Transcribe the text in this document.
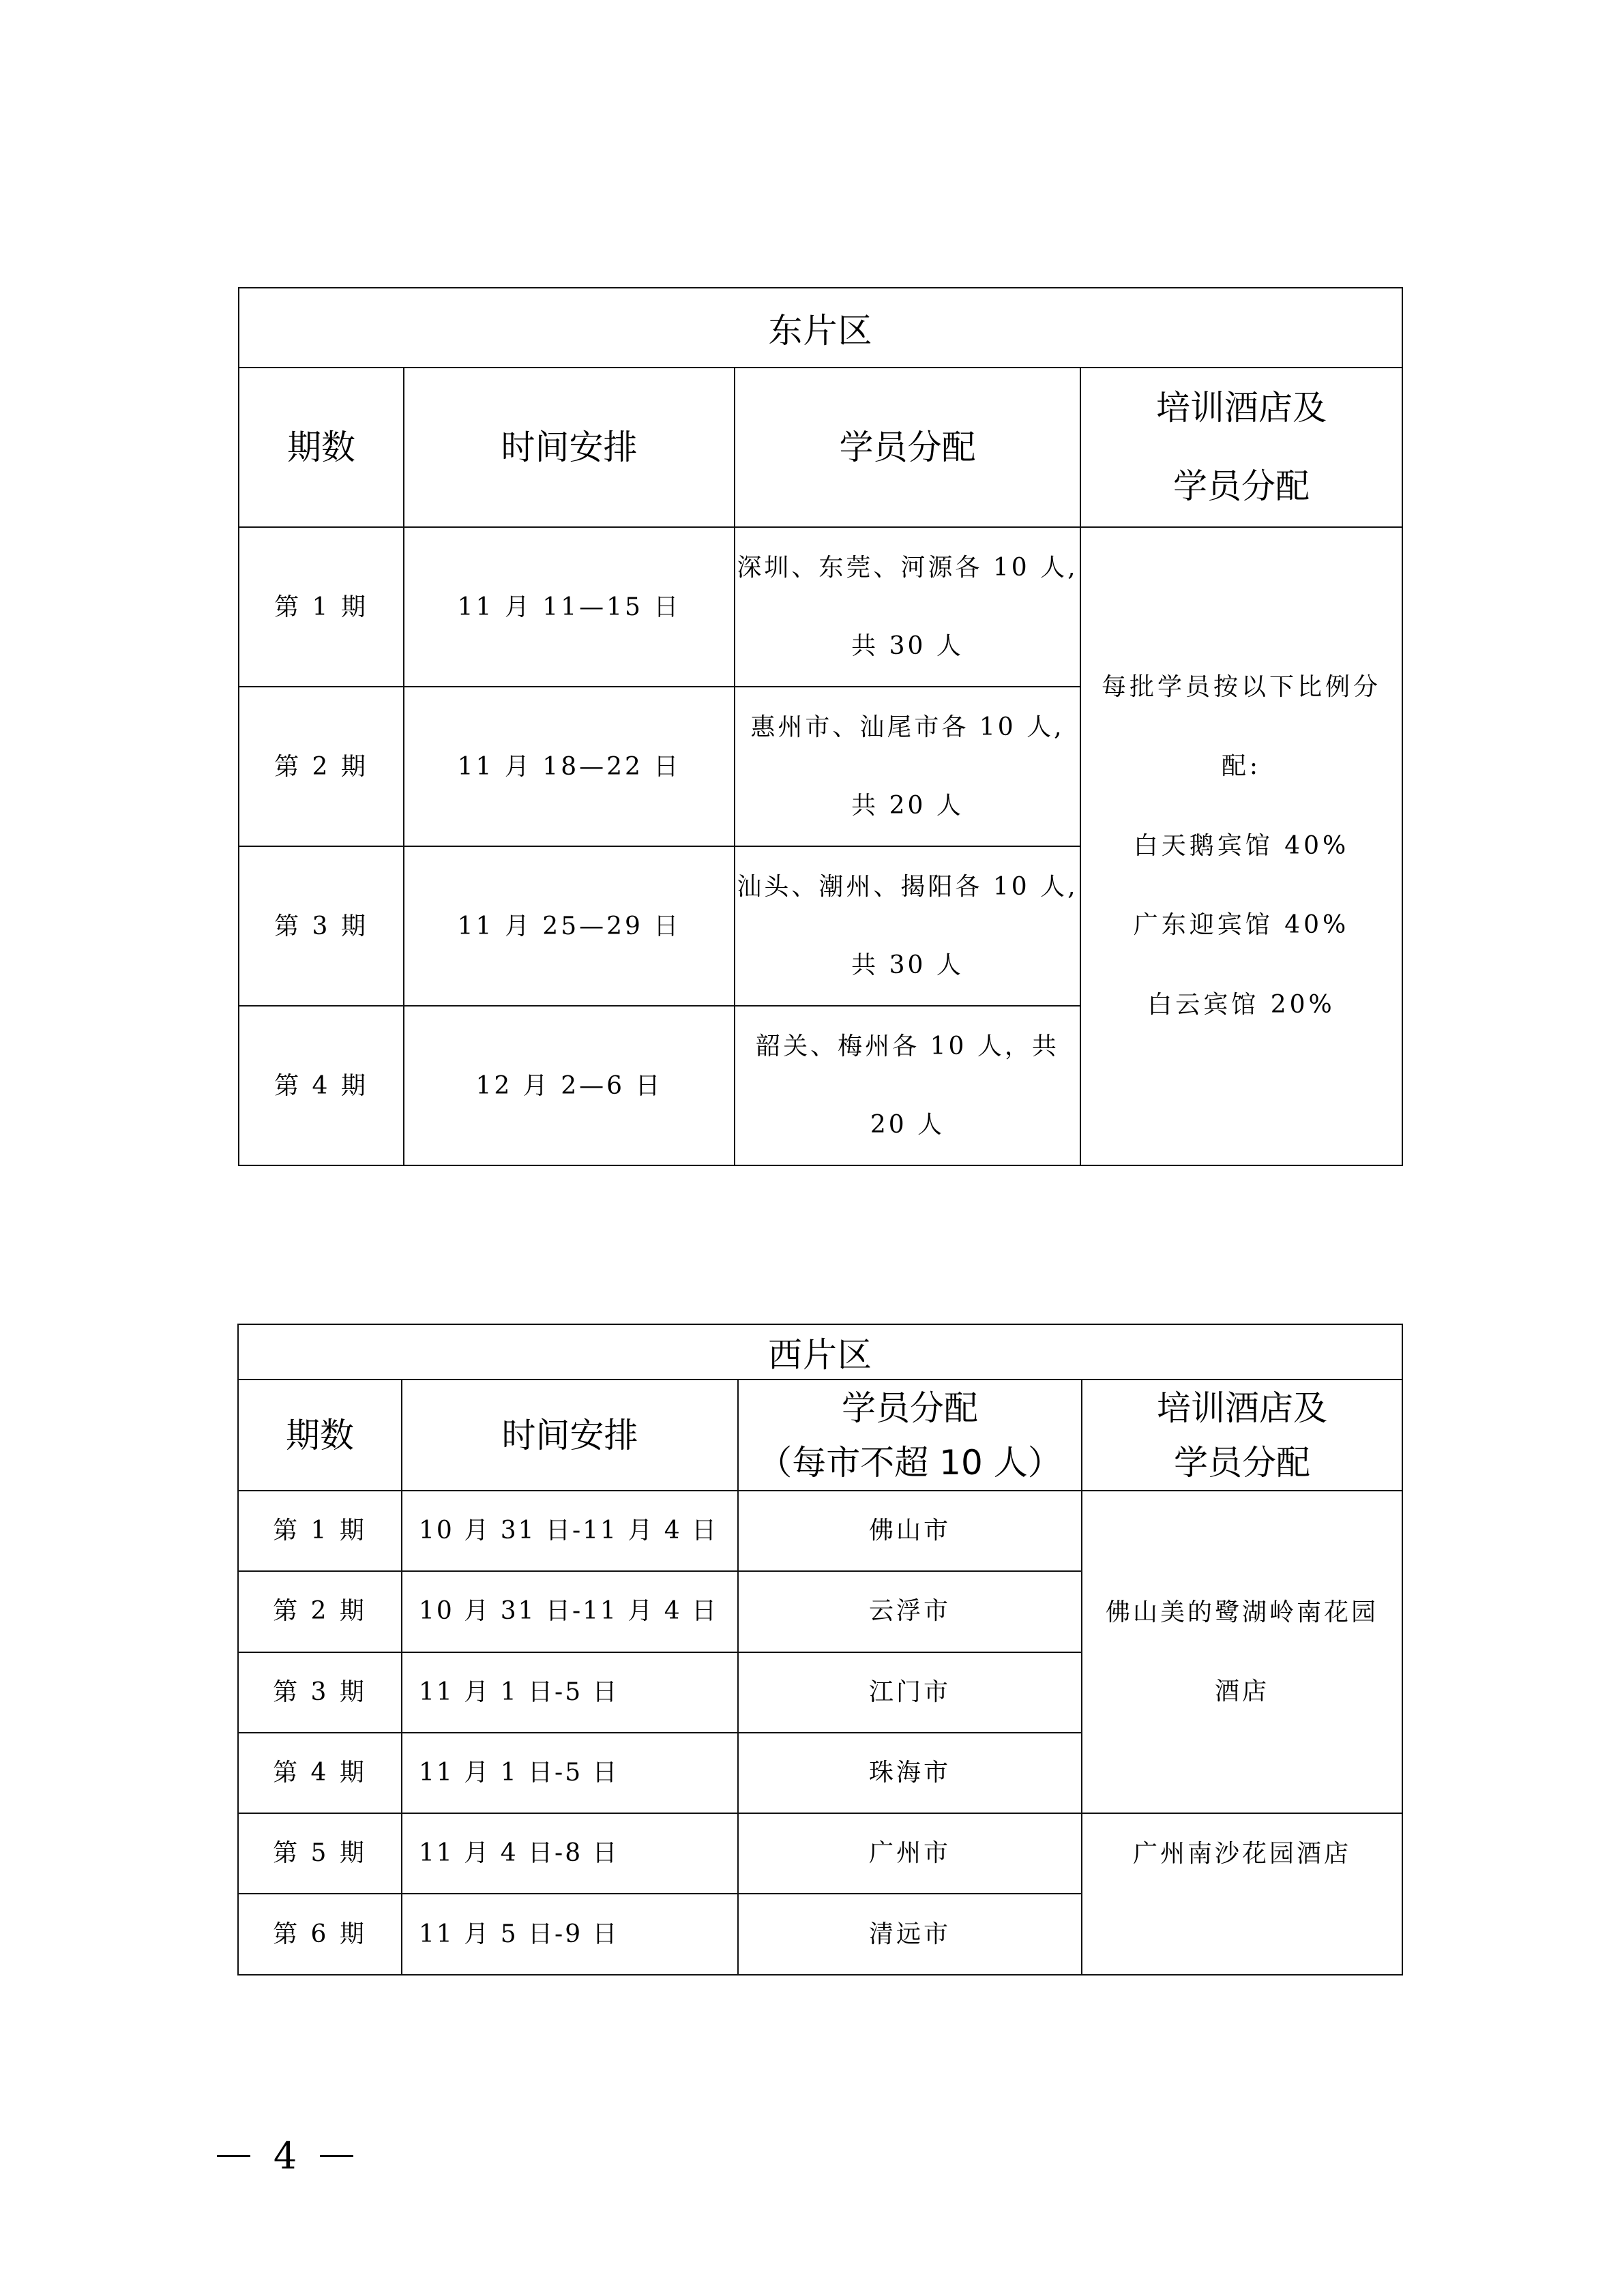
东片区			

期数	时间安排	学员分配	培训酒店及
学员分配

第 1 期	11 月 11—15 日	深圳、东莞、河源各 10 人,
共 30 人	每批学员按以下比例分
配:
白天鹅宾馆 40%
广东迎宾馆 40%
白云宾馆 20%

第 2 期	11 月 18—22 日	惠州市、汕尾市各 10 人,
共 20 人	

第 3 期	11 月 25—29 日	汕头、潮州、揭阳各 10 人,
共 30 人	

第 4 期	12 月 2—6 日	韶关、梅州各 10 人，共
20 人	
西片区			

期数	时间安排	学员分配
（每市不超 10 人）	培训酒店及
学员分配

第 1 期	10 月 31 日-11 月 4 日	佛山市	佛山美的鹭湖岭南花园
酒店

第 2 期	10 月 31 日-11 月 4 日	云浮市	

第 3 期	11 月 1 日-5 日	江门市	

第 4 期	11 月 1 日-5 日	珠海市	

第 5 期	11 月 4 日-8 日	广州市	广州南沙花园酒店

第 6 期	11 月 5 日-9 日	清远市	
4
